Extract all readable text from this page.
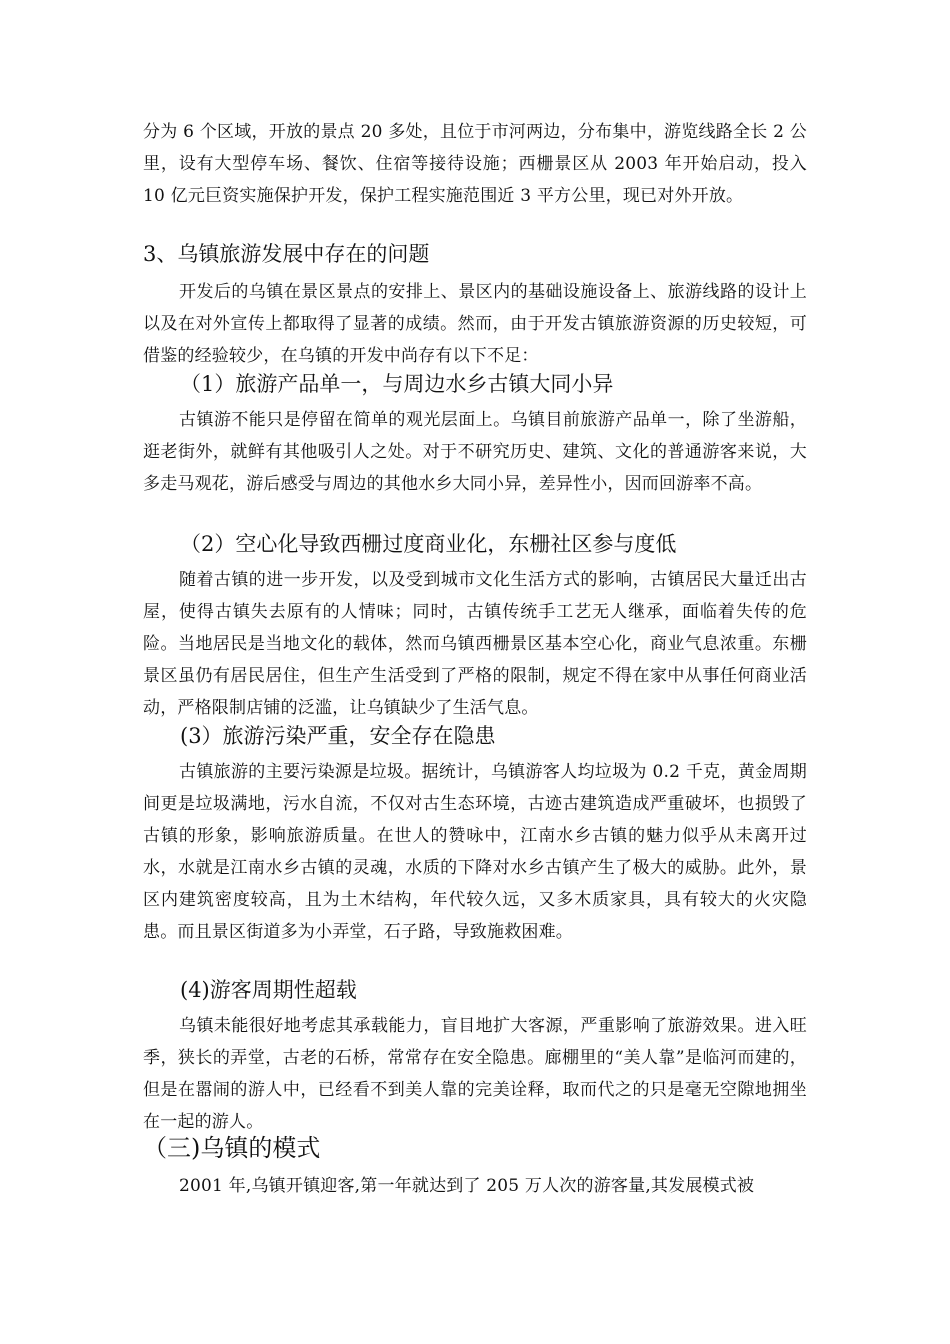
分为 6 个区域，开放的景点 20 多处，且位于市河两边，分布集中，游览线路全长 2 公里，设有大型停车场、餐饮、住宿等接待设施；西栅景区从 2003 年开始启动，投入 10 亿元巨资实施保护开发，保护工程实施范围近 3 平方公里，现已对外开放。

3、乌镇旅游发展中存在的问题

开发后的乌镇在景区景点的安排上、景区内的基础设施设备上、旅游线路的设计上以及在对外宣传上都取得了显著的成绩。然而，由于开发古镇旅游资源的历史较短，可借鉴的经验较少，在乌镇的开发中尚存有以下不足：

（1）旅游产品单一，与周边水乡古镇大同小异

古镇游不能只是停留在简单的观光层面上。乌镇目前旅游产品单一，除了坐游船，逛老街外，就鲜有其他吸引人之处。对于不研究历史、建筑、文化的普通游客来说，大多走马观花，游后感受与周边的其他水乡大同小异，差异性小，因而回游率不高。

（2）空心化导致西栅过度商业化，东栅社区参与度低

随着古镇的进一步开发，以及受到城市文化生活方式的影响，古镇居民大量迁出古屋，使得古镇失去原有的人情味；同时，古镇传统手工艺无人继承，面临着失传的危险。当地居民是当地文化的载体，然而乌镇西栅景区基本空心化，商业气息浓重。东栅景区虽仍有居民居住，但生产生活受到了严格的限制，规定不得在家中从事任何商业活动，严格限制店铺的泛滥，让乌镇缺少了生活气息。

(3）旅游污染严重，安全存在隐患

古镇旅游的主要污染源是垃圾。据统计，乌镇游客人均垃圾为 0.2 千克，黄金周期间更是垃圾满地，污水自流，不仅对古生态环境，古迹古建筑造成严重破坏，也损毁了古镇的形象，影响旅游质量。在世人的赞咏中，江南水乡古镇的魅力似乎从未离开过水，水就是江南水乡古镇的灵魂，水质的下降对水乡古镇产生了极大的威胁。此外，景区内建筑密度较高，且为土木结构，年代较久远，又多木质家具，具有较大的火灾隐患。而且景区街道多为小弄堂，石子路，导致施救困难。

(4)游客周期性超载

乌镇未能很好地考虑其承载能力，盲目地扩大客源，严重影响了旅游效果。进入旺季，狭长的弄堂，古老的石桥，常常存在安全隐患。廊棚里的“美人靠”是临河而建的，但是在嚣闹的游人中，已经看不到美人靠的完美诠释，取而代之的只是毫无空隙地拥坐在一起的游人。

（三)乌镇的模式

2001 年,乌镇开镇迎客,第一年就达到了 205 万人次的游客量,其发展模式被
